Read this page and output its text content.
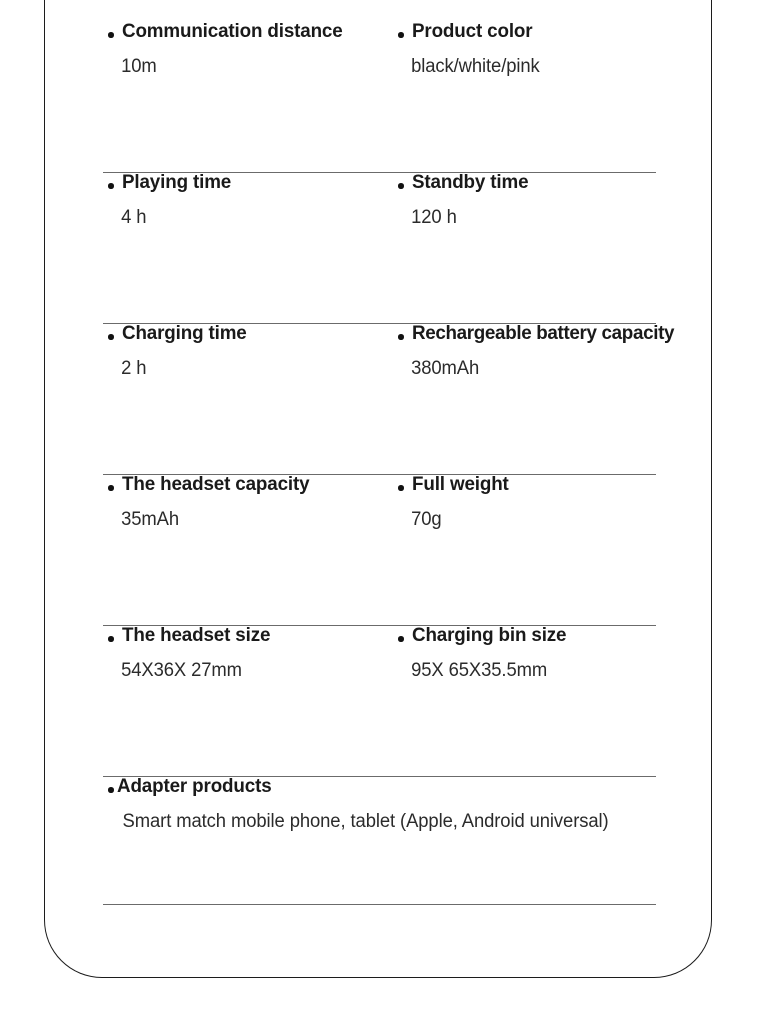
Communication distance
10m
Product color
black/white/pink
Playing time
4 h
Standby time
120 h
Charging time
2 h
Rechargeable battery capacity
380mAh
The headset capacity
35mAh
Full weight
70g
The headset size
54X36X 27mm
Charging bin size
95X 65X35.5mm
Adapter products
Smart match mobile phone, tablet (Apple, Android universal)
